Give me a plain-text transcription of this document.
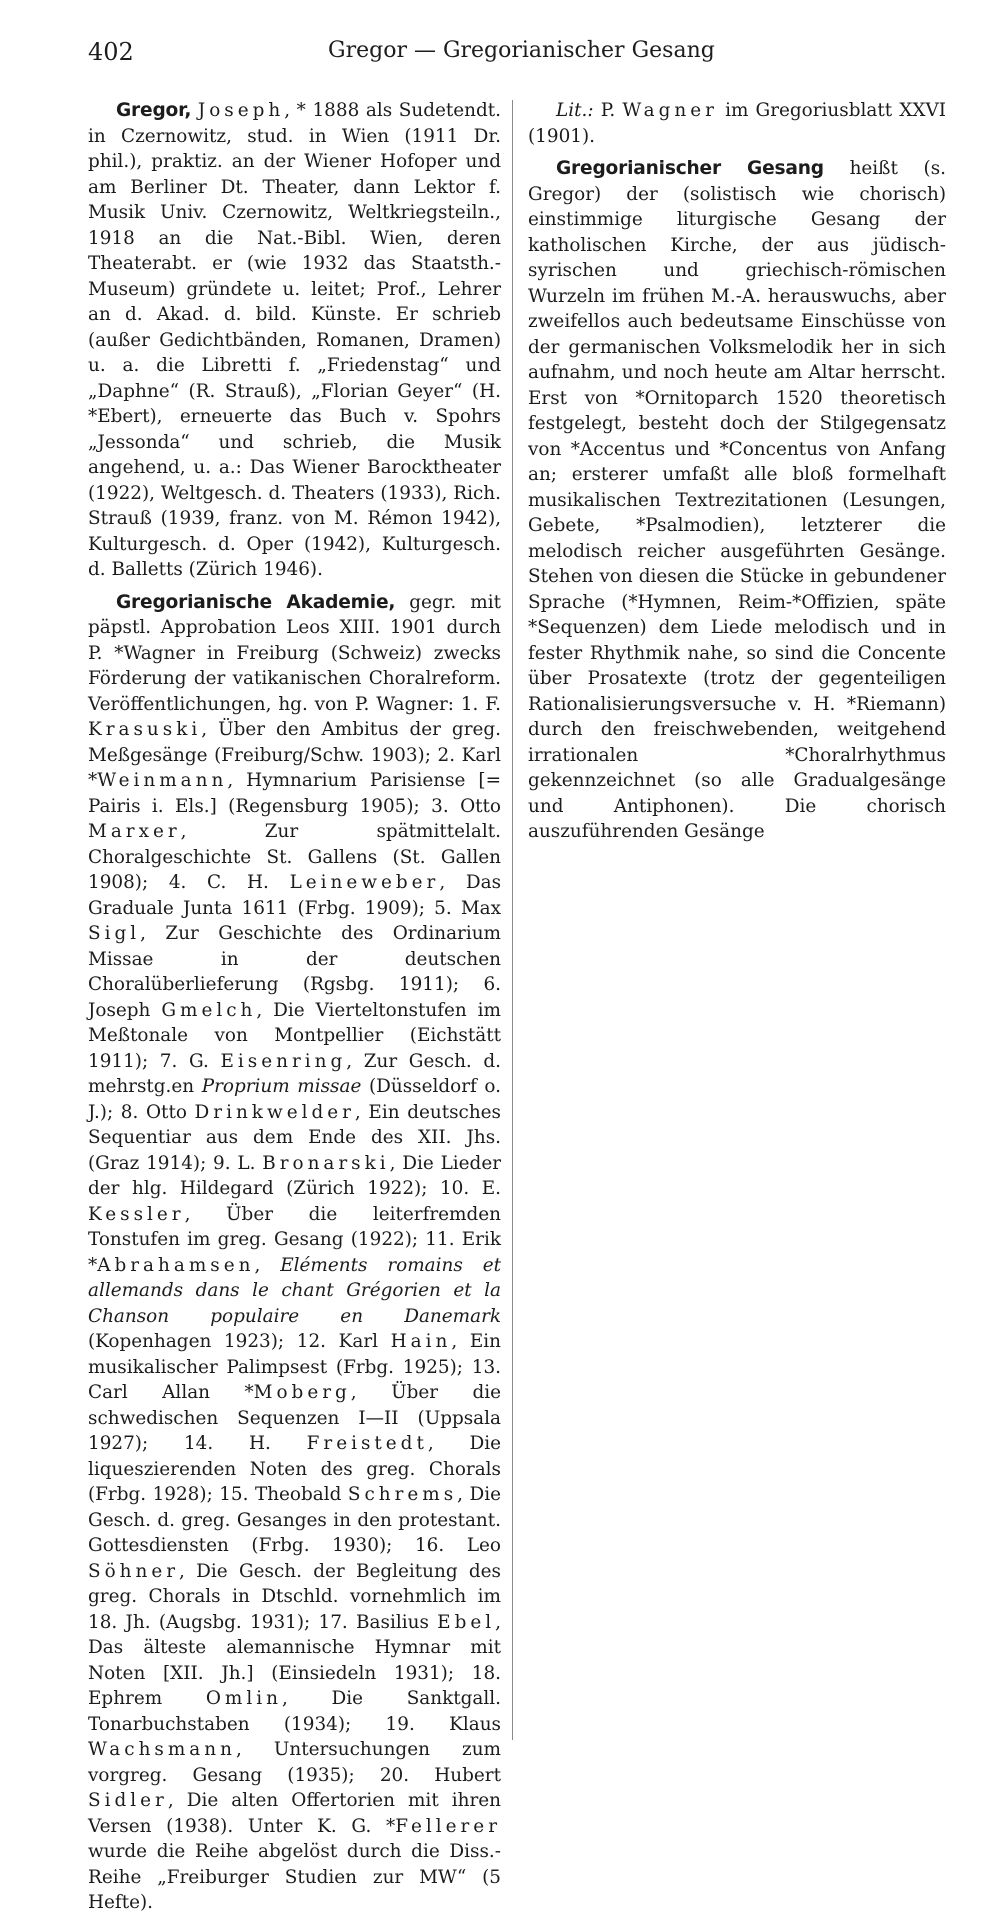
402	Gregor — Gregorianischer Gesang

Gregor, Joseph, * 1888 als Sudetendt. in Czernowitz, stud. in Wien (1911 Dr. phil.), praktiz. an der Wiener Hofoper und am Berliner Dt. Theater, dann Lektor f. Musik Univ. Czernowitz, Weltkriegsteiln., 1918 an die Nat.-Bibl. Wien, deren Theaterabt. er (wie 1932 das Staatsth.-Museum) gründete u. leitet; Prof., Lehrer an d. Akad. d. bild. Künste. Er schrieb (außer Gedichtbänden, Romanen, Dramen) u. a. die Libretti f. „Friedenstag“ und „Daphne“ (R. Strauß), „Florian Geyer“ (H. *Ebert), erneuerte das Buch v. Spohrs „Jessonda“ und schrieb, die Musik angehend, u. a.: Das Wiener Barocktheater (1922), Weltgesch. d. Theaters (1933), Rich. Strauß (1939, franz. von M. Rémon 1942), Kulturgesch. d. Oper (1942), Kulturgesch. d. Balletts (Zürich 1946).

Gregorianische Akademie, gegr. mit päpstl. Approbation Leos XIII. 1901 durch P. *Wagner in Freiburg (Schweiz) zwecks Förderung der vatikanischen Choralreform. Veröffentlichungen, hg. von P. Wagner: 1. F. Krasuski, Über den Ambitus der greg. Meßgesänge (Freiburg/Schw. 1903); 2. Karl *Weinmann, Hymnarium Parisiense [= Pairis i. Els.] (Regensburg 1905); 3. Otto Marxer, Zur spätmittelalt. Choralgeschichte St. Gallens (St. Gallen 1908); 4. C. H. Leineweber, Das Graduale Junta 1611 (Frbg. 1909); 5. Max Sigl, Zur Geschichte des Ordinarium Missae in der deutschen Choralüberlieferung (Rgsbg. 1911); 6. Joseph Gmelch, Die Vierteltonstufen im Meßtonale von Montpellier (Eichstätt 1911); 7. G. Eisenring, Zur Gesch. d. mehrstg.en Proprium missae (Düsseldorf o. J.); 8. Otto Drinkwelder, Ein deutsches Sequentiar aus dem Ende des XII. Jhs. (Graz 1914); 9. L. Bronarski, Die Lieder der hlg. Hildegard (Zürich 1922); 10. E. Kessler, Über die leiterfremden Tonstufen im greg. Gesang (1922); 11. Erik *Abrahamsen, Eléments romains et allemands dans le chant Grégorien et la Chanson populaire en Danemark (Kopenhagen 1923); 12. Karl Hain, Ein musikalischer Palimpsest (Frbg. 1925); 13. Carl Allan *Moberg, Über die schwedischen Sequenzen I—II (Uppsala 1927); 14. H. Freistedt, Die liqueszierenden Noten des greg. Chorals (Frbg. 1928); 15. Theobald Schrems, Die Gesch. d. greg. Gesanges in den protestant. Gottesdiensten (Frbg. 1930); 16. Leo Söhner, Die Gesch. der Begleitung des greg. Chorals in Dtschld. vornehmlich im 18. Jh. (Augsbg. 1931); 17. Basilius Ebel, Das älteste alemannische Hymnar mit Noten [XII. Jh.] (Einsiedeln 1931); 18. Ephrem Omlin, Die Sanktgall. Tonarbuchstaben (1934); 19. Klaus Wachsmann, Untersuchungen zum vorgreg. Gesang (1935); 20. Hubert Sidler, Die alten Offertorien mit ihren Versen (1938). Unter K. G. *Fellerer wurde die Reihe abgelöst durch die Diss.-Reihe „Freiburger Studien zur MW“ (5 Hefte).

Lit.: P. Wagner im Gregoriusblatt XXVI (1901).

Gregorianischer Gesang heißt (s. Gregor) der (solistisch wie chorisch) einstimmige liturgische Gesang der katholischen Kirche, der aus jüdisch-syrischen und griechisch-römischen Wurzeln im frühen M.-A. herauswuchs, aber zweifellos auch bedeutsame Einschüsse von der germanischen Volksmelodik her in sich aufnahm, und noch heute am Altar herrscht. Erst von *Ornitoparch 1520 theoretisch festgelegt, besteht doch der Stilgegensatz von *Accentus und *Concentus von Anfang an; ersterer umfaßt alle bloß formelhaft musikalischen Textrezitationen (Lesungen, Gebete, *Psalmodien), letzterer die melodisch reicher ausgeführten Gesänge. Stehen von diesen die Stücke in gebundener Sprache (*Hymnen, Reim-*Offizien, späte *Sequenzen) dem Liede melodisch und in fester Rhythmik nahe, so sind die Concente über Prosatexte (trotz der gegenteiligen Rationalisierungsversuche v. H. *Riemann) durch den freischwebenden, weitgehend irrationalen *Choralrhythmus gekennzeichnet (so alle Gradualgesänge und Antiphonen). Die chorisch auszuführenden Gesänge
